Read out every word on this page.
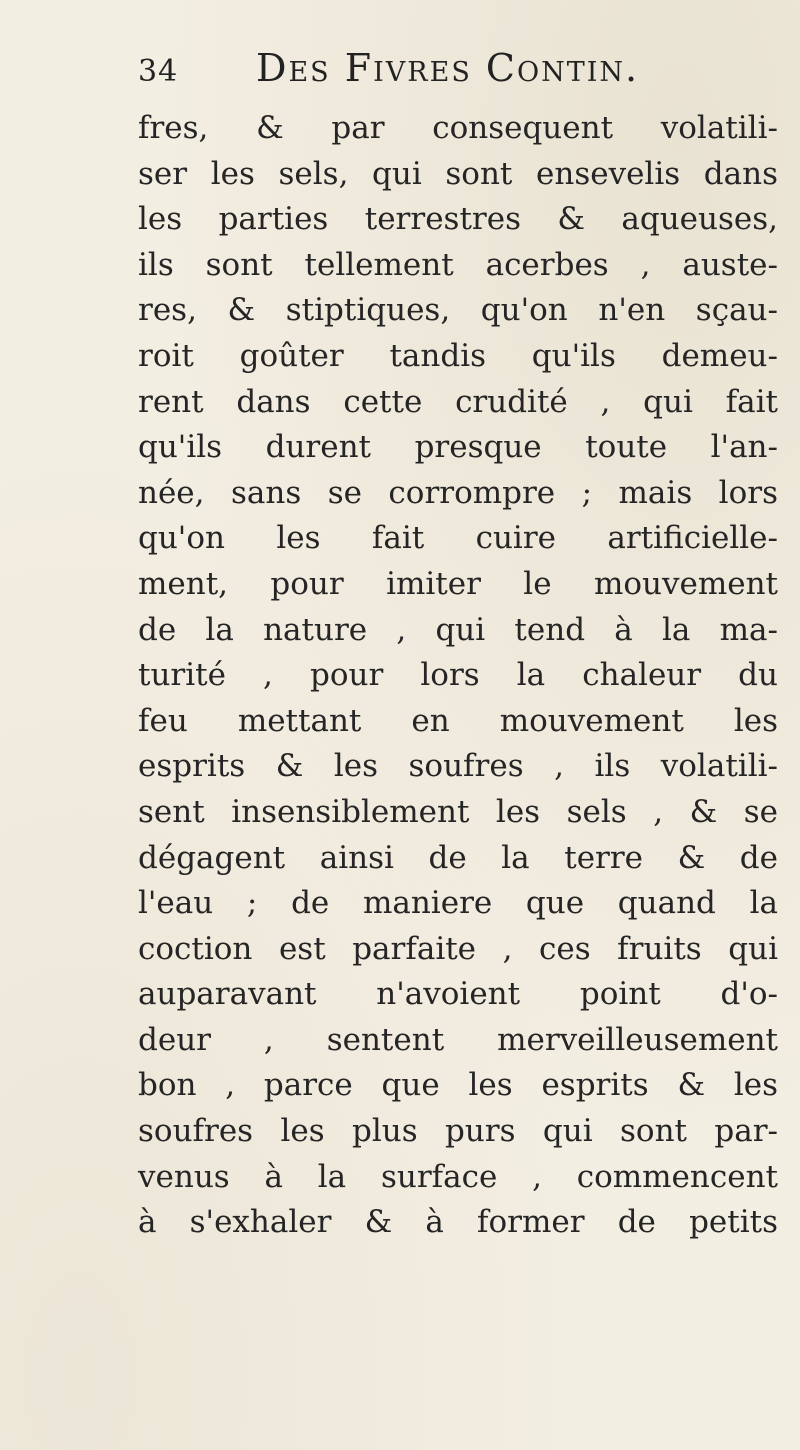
34 Des Fivres Contin.
fres, & par consequent volatili-
ser les sels, qui sont ensevelis dans
les parties terrestres & aqueuses,
ils sont tellement acerbes , auste-
res, & stiptiques, qu'on n'en sçau-
roit goûter tandis qu'ils demeu-
rent dans cette crudité , qui fait
qu'ils durent presque toute l'an-
née, sans se corrompre ; mais lors
qu'on les fait cuire artificielle-
ment, pour imiter le mouvement
de la nature , qui tend à la ma-
turité , pour lors la chaleur du
feu mettant en mouvement les
esprits & les soufres , ils volatili-
sent insensiblement les sels , & se
dégagent ainsi de la terre & de
l'eau ; de maniere que quand la
coction est parfaite , ces fruits qui
auparavant n'avoient point d'o-
deur , sentent merveilleusement
bon , parce que les esprits & les
soufres les plus purs qui sont par-
venus à la surface , commencent
à s'exhaler & à former de petits
